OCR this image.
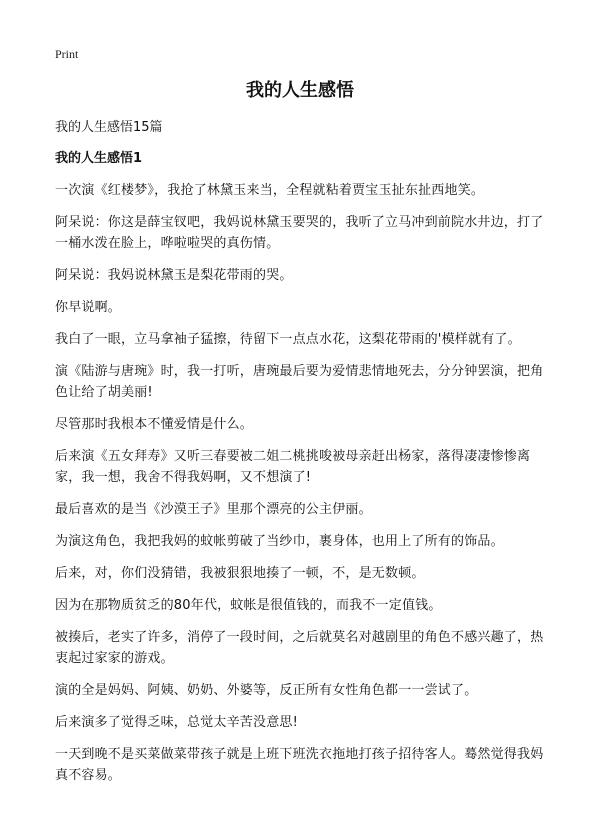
Print
我的人生感悟

我的人生感悟15篇

我的人生感悟1

一次演《红楼梦》，我抢了林黛玉来当，全程就粘着贾宝玉扯东扯西地笑。

阿呆说：你这是薛宝钗吧，我妈说林黛玉要哭的，我听了立马冲到前院水井边，打了一桶水泼在脸上，哗啦啦哭的真伤情。

阿呆说：我妈说林黛玉是梨花带雨的哭。

你早说啊。

我白了一眼，立马拿袖子猛擦，待留下一点点水花，这梨花带雨的'模样就有了。

演《陆游与唐琬》时，我一打听，唐琬最后要为爱情悲情地死去，分分钟罢演，把角色让给了胡美丽!

尽管那时我根本不懂爱情是什么。

后来演《五女拜寿》又听三春要被二姐二桃挑唆被母亲赶出杨家，落得凄凄惨惨离家，我一想，我舍不得我妈啊，又不想演了!

最后喜欢的是当《沙漠王子》里那个漂亮的公主伊丽。

为演这角色，我把我妈的蚊帐剪破了当纱巾，裹身体，也用上了所有的饰品。

后来，对，你们没猜错，我被狠狠地揍了一顿，不，是无数顿。

因为在那物质贫乏的80年代，蚊帐是很值钱的，而我不一定值钱。

被揍后，老实了许多，消停了一段时间，之后就莫名对越剧里的角色不感兴趣了，热衷起过家家的游戏。

演的全是妈妈、阿姨、奶奶、外婆等，反正所有女性角色都一一尝试了。

后来演多了觉得乏味，总觉太辛苦没意思!

一天到晚不是买菜做菜带孩子就是上班下班洗衣拖地打孩子招待客人。蓦然觉得我妈真不容易。
